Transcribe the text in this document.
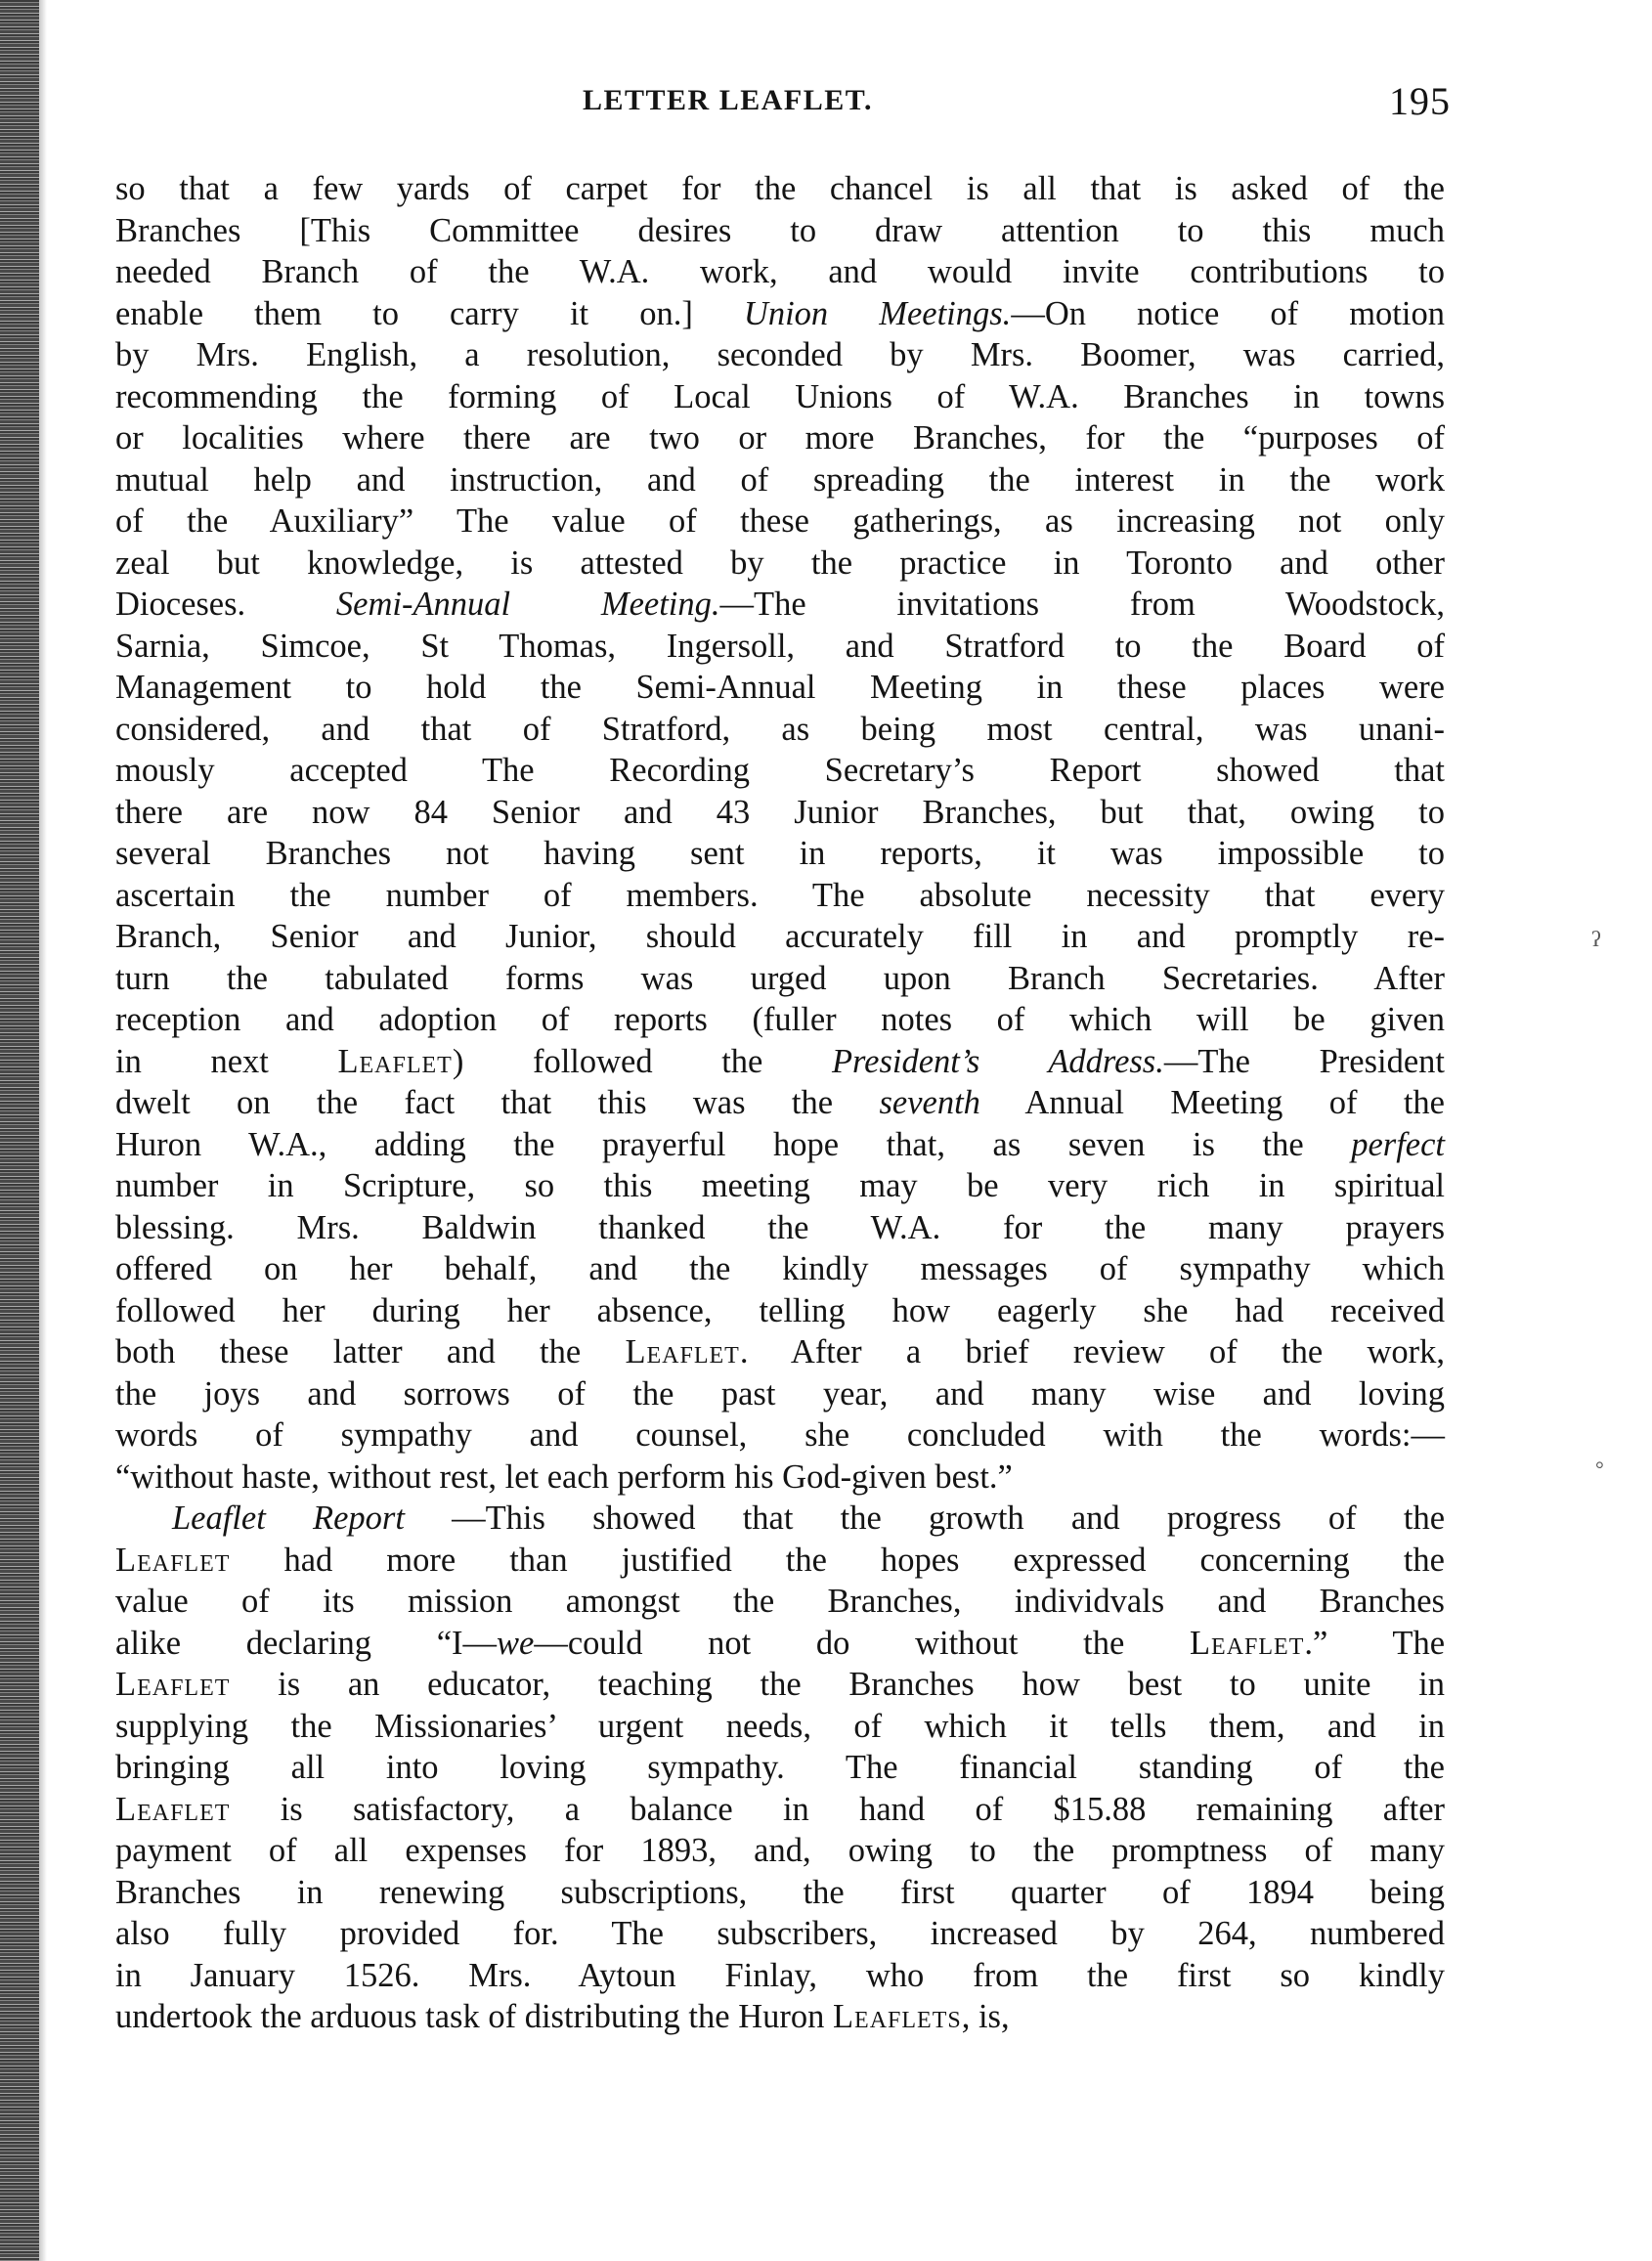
LETTER LEAFLET.	195
so that a few yards of carpet for the chancel is all that is asked of the
Branches [This Committee desires to draw attention to this much
needed Branch of the W.A. work, and would invite contributions to
enable them to carry it on.] Union Meetings.—On notice of motion
by Mrs. English, a resolution, seconded by Mrs. Boomer, was carried,
recommending the forming of Local Unions of W.A. Branches in towns
or localities where there are two or more Branches, for the “purposes of
mutual help and instruction, and of spreading the interest in the work
of the Auxiliary” The value of these gatherings, as increasing not only
zeal but knowledge, is attested by the practice in Toronto and other
Dioceses. Semi-Annual Meeting.—The invitations from Woodstock,
Sarnia, Simcoe, St Thomas, Ingersoll, and Stratford to the Board of
Management to hold the Semi-Annual Meeting in these places were
considered, and that of Stratford, as being most central, was unani-
mously accepted The Recording Secretary’s Report showed that
there are now 84 Senior and 43 Junior Branches, but that, owing to
several Branches not having sent in reports, it was impossible to
ascertain the number of members. The absolute necessity that every
Branch, Senior and Junior, should accurately fill in and promptly re-
turn the tabulated forms was urged upon Branch Secretaries. After
reception and adoption of reports (fuller notes of which will be given
in next Leaflet) followed the President’s Address.—The President
dwelt on the fact that this was the seventh Annual Meeting of the
Huron W.A., adding the prayerful hope that, as seven is the perfect
number in Scripture, so this meeting may be very rich in spiritual
blessing. Mrs. Baldwin thanked the W.A. for the many prayers
offered on her behalf, and the kindly messages of sympathy which
followed her during her absence, telling how eagerly she had received
both these latter and the Leaflet. After a brief review of the work,
the joys and sorrows of the past year, and many wise and loving
words of sympathy and counsel, she concluded with the words:—
“without haste, without rest, let each perform his God-given best.”
Leaflet Report —This showed that the growth and progress of the
Leaflet had more than justified the hopes expressed concerning the
value of its mission amongst the Branches, individvals and Branches
alike declaring “I—we—could not do without the Leaflet.” The
Leaflet is an educator, teaching the Branches how best to unite in
supplying the Missionaries’ urgent needs, of which it tells them, and in
bringing all into loving sympathy. The financial standing of the
Leaflet is satisfactory, a balance in hand of $15.88 remaining after
payment of all expenses for 1893, and, owing to the promptness of many
Branches in renewing subscriptions, the first quarter of 1894 being
also fully provided for. The subscribers, increased by 264, numbered
in January 1526. Mrs. Aytoun Finlay, who from the first so kindly
undertook the arduous task of distributing the Huron Leaflets, is,
ʔ
°
